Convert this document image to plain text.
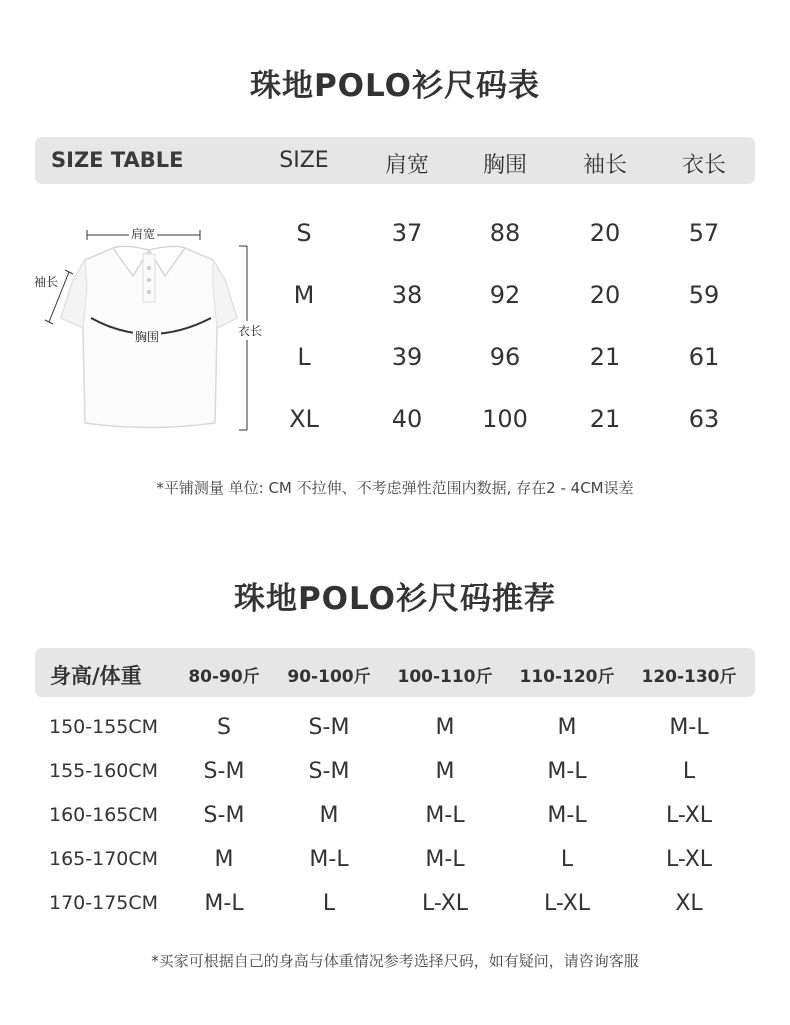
珠地POLO衫尺码表
SIZE TABLE	SIZE	肩宽 胸围	袖长 衣长
S	37	88	20	57
M	38	92	20	59
L	39	96	21	61
XL	40 100	21	63
肩宽
袖长
胸围	衣长
*平铺测量 单位: CM 不拉伸、不考虑弹性范围内数据, 存在2 - 4CM误差
珠地POLO衫尺码推荐
身高/体重	80-90斤 90-100斤 100-110斤 110-120斤 120-130斤
150-155CM	S	S-M	M	M	M-L
155-160CM S-M	S-M	M	M-L	L
160-165CM S-M	M	M-L	M-L	L-XL
165-170CM	M	M-L	M-L	L	L-XL
170-175CM M-L	L	L-XL	L-XL	XL
*买家可根据自己的身高与体重情况参考选择尺码，如有疑问，请咨询客服
